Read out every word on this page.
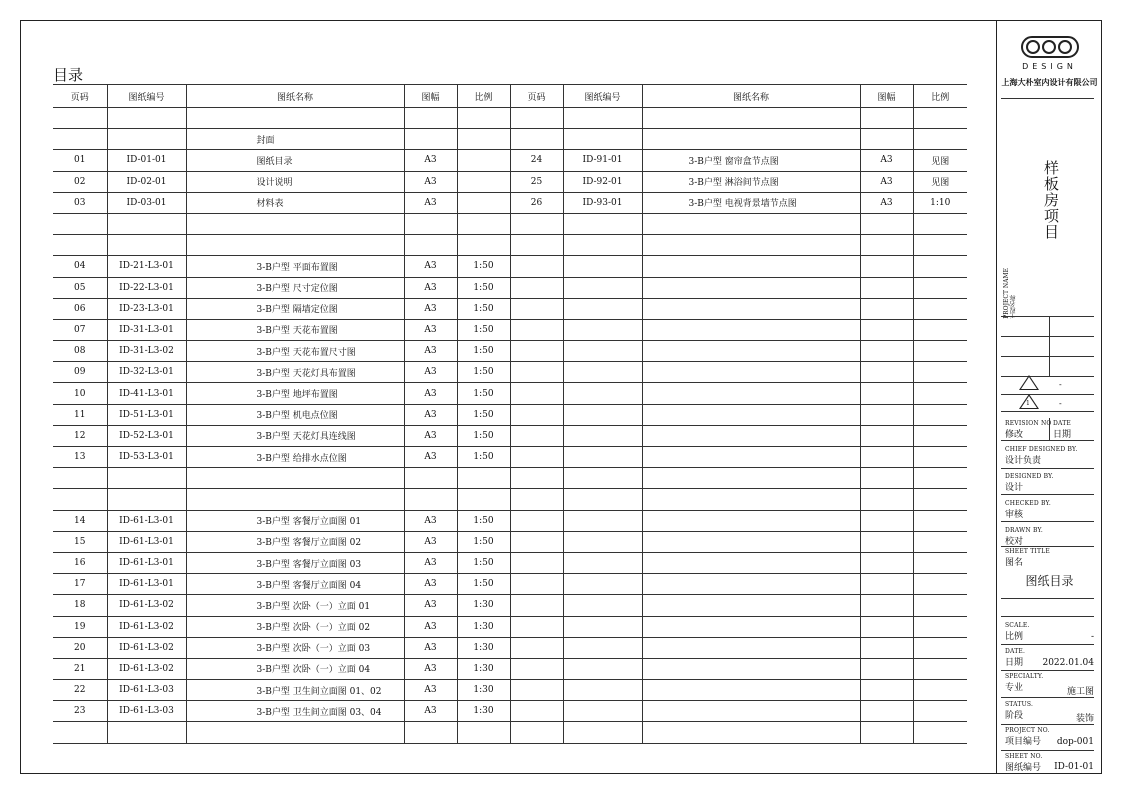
目录
页码	图纸编号	图纸名称	图幅	比例	页码	图纸编号	图纸名称	图幅	比例

		封面							
01	ID-01-01	图纸目录	A3		24	ID-91-01	3-B户型 窗帘盒节点图	A3	见图
02	ID-02-01	设计说明	A3		25	ID-92-01	3-B户型 淋浴间节点图	A3	见图
03	ID-03-01	材料表	A3		26	ID-93-01	3-B户型 电视背景墙节点图	A3	1:10

04	ID-21-L3-01	3-B户型 平面布置图	A3	1:50					
05	ID-22-L3-01	3-B户型 尺寸定位图	A3	1:50					
06	ID-23-L3-01	3-B户型 隔墙定位图	A3	1:50					
07	ID-31-L3-01	3-B户型 天花布置图	A3	1:50					
08	ID-31-L3-02	3-B户型 天花布置尺寸图	A3	1:50					
09	ID-32-L3-01	3-B户型 天花灯具布置图	A3	1:50					
10	ID-41-L3-01	3-B户型 地坪布置图	A3	1:50					
11	ID-51-L3-01	3-B户型 机电点位图	A3	1:50					
12	ID-52-L3-01	3-B户型 天花灯具连线图	A3	1:50					
13	ID-53-L3-01	3-B户型 给排水点位图	A3	1:50					

14	ID-61-L3-01	3-B户型 客餐厅立面图 01	A3	1:50					
15	ID-61-L3-01	3-B户型 客餐厅立面图 02	A3	1:50					
16	ID-61-L3-01	3-B户型 客餐厅立面图 03	A3	1:50					
17	ID-61-L3-01	3-B户型 客餐厅立面图 04	A3	1:50					
18	ID-61-L3-02	3-B户型 次卧（一）立面 01	A3	1:30					
19	ID-61-L3-02	3-B户型 次卧（一）立面 02	A3	1:30					
20	ID-61-L3-02	3-B户型 次卧（一）立面 03	A3	1:30					
21	ID-61-L3-02	3-B户型 次卧（一）立面 04	A3	1:30					
22	ID-61-L3-03	3-B户型 卫生间立面图 01、02	A3	1:30					
23	ID-61-L3-03	3-B户型 卫生间立面图 03、04	A3	1:30					

DESIGN
上海大朴室内设计有限公司
样板房项目
PROJECT NAME 工程名称
-
1	-
REVISION NO
修改
DATE
日期
CHIEF DESIGNED BY.
设计负责
DESIGNED BY.
设计
CHECKED BY.
审核
DRAWN BY.
校对
SHEET TITLE
图名
图纸目录
SCALE.
比例	-
DATE.
日期	2022.01.04
SPECIALTY.
专业	施工图
STATUS.
阶段	装饰
PROJECT NO.
项目编号	dop-001
SHEET NO.
图纸编号	ID-01-01
